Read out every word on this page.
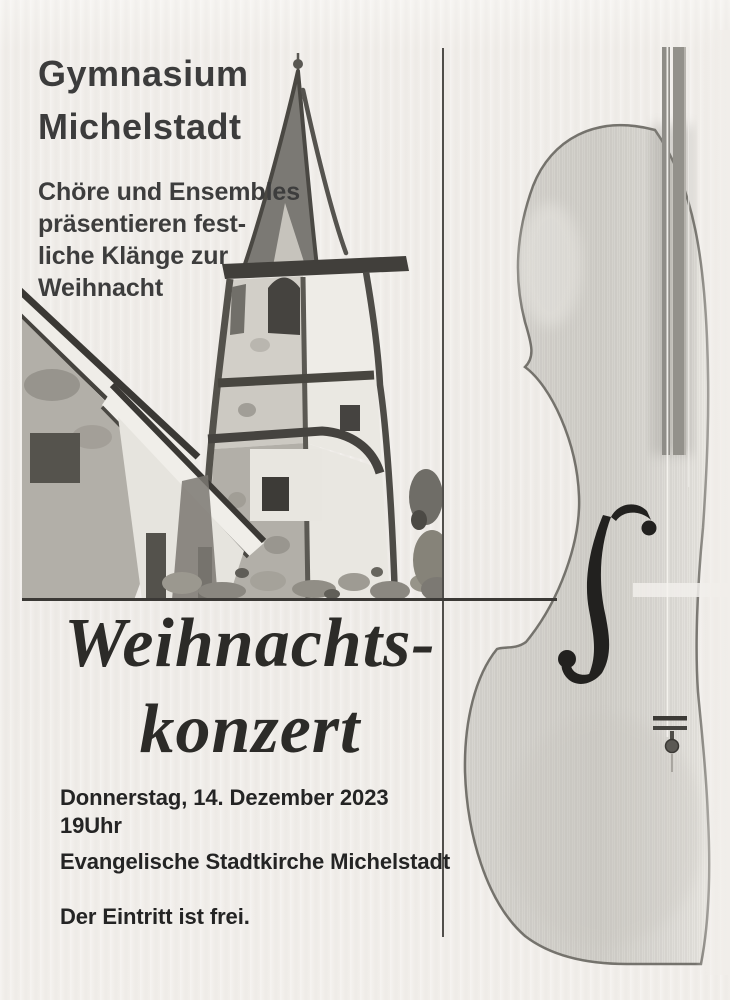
Gymnasium
Michelstadt
Chöre und Ensembles
präsentieren fest-
liche Klänge zur
Weihnacht
Weihnachts-
konzert
Donnerstag, 14. Dezember 2023
19Uhr
Evangelische Stadtkirche Michelstadt
Der Eintritt ist frei.
